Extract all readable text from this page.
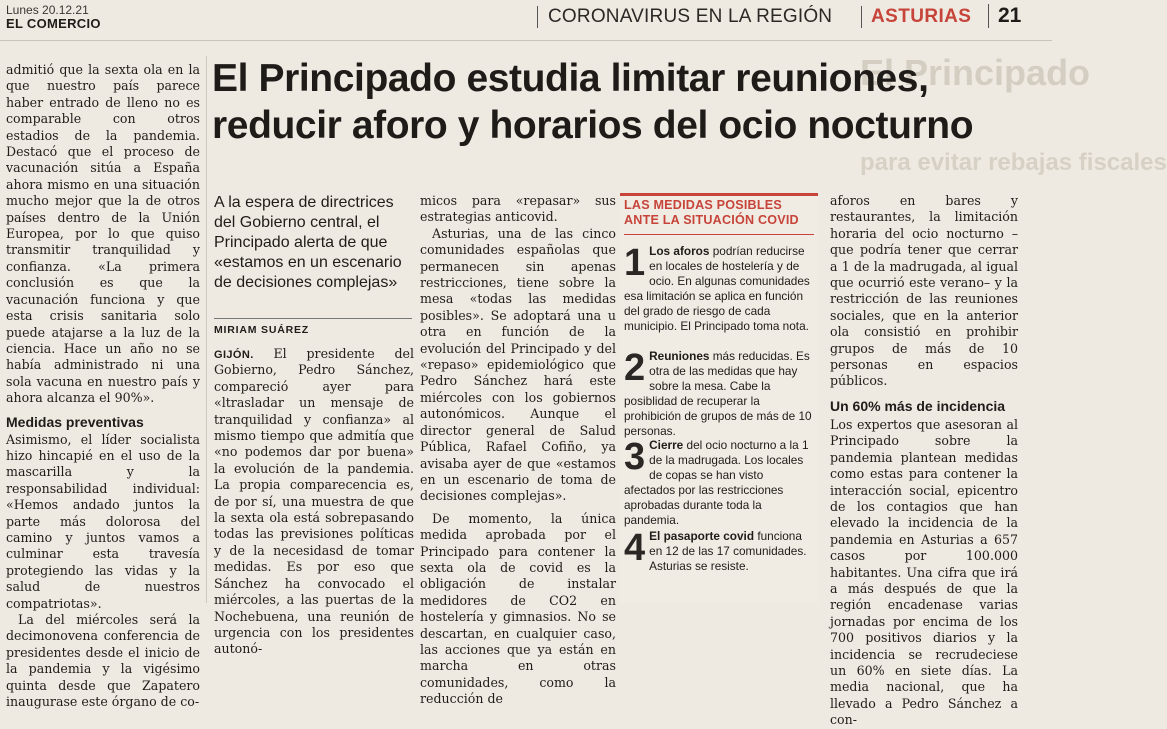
Lunes 20.12.21
EL COMERCIO	CORONAVIRUS EN LA REGIÓN	ASTURIAS	21
El Principado
para evitar rebajas fiscales

admitió que la sexta ola en la que nuestro país parece haber entrado de lleno no es comparable con otros estadios de la pandemia. Destacó que el proceso de vacunación sitúa a España ahora mismo en una situación mucho mejor que la de otros países dentro de la Unión Europea, por lo que quiso transmitir tranquilidad y confianza. «La primera conclusión es que la vacunación funciona y que esta crisis sanitaria solo puede atajarse a la luz de la ciencia. Hace un año no se había administrado ni una sola vacuna en nuestro país y ahora alcanza el 90%».

Medidas preventivas

Asimismo, el líder socialista hizo hincapié en el uso de la mascarilla y la responsabilidad individual: «Hemos andado juntos la parte más dolorosa del camino y juntos vamos a culminar esta travesía protegiendo las vidas y la salud de nuestros compatriotas».

La del miércoles será la decimonovena conferencia de presidentes desde el inicio de la pandemia y la vigésimo quinta desde que Zapatero inaugurase este órgano de co-

El Principado estudia limitar reuniones, reducir aforo y horarios del ocio nocturno
A la espera de directrices del Gobierno central, el Principado alerta de que «estamos en un escenario de decisiones complejas»
MIRIAM SUÁREZ

GIJÓN. El presidente del Gobierno, Pedro Sánchez, compareció ayer para «ltrasladar un mensaje de tranquilidad y confianza» al mismo tiempo que admitía que «no podemos dar por buena» la evolución de la pandemia. La propia comparecencia es, de por sí, una muestra de que la sexta ola está sobrepasando todas las previsiones políticas y de la necesidasd de tomar medidas. Es por eso que Sánchez ha convocado el miércoles, a las puertas de la Nochebuena, una reunión de urgencia con los presidentes autonó-

micos para «repasar» sus estrategias anticovid.

Asturias, una de las cinco comunidades españolas que permanecen sin apenas restricciones, tiene sobre la mesa «todas las medidas posibles». Se adoptará una u otra en función de la evolución del Principado y del «repaso» epidemiológico que Pedro Sánchez hará este miércoles con los gobiernos autonómicos. Aunque el director general de Salud Pública, Rafael Cofiño, ya avisaba ayer de que «estamos en un escenario de toma de decisiones complejas».

De momento, la única medida aprobada por el Principado para contener la sexta ola de covid es la obligación de instalar medidores de CO2 en hostelería y gimnasios. No se descartan, en cualquier caso, las acciones que ya están en marcha en otras comunidades, como la reducción de

LAS MEDIDAS POSIBLES
ANTE LA SITUACIÓN COVID
1 Los aforos podrían reducirse en locales de hostelería y de ocio. En algunas comunidades esa limitación se aplica en función del grado de riesgo de cada municipio. El Principado toma nota.
2 Reuniones más reducidas. Es otra de las medidas que hay sobre la mesa. Cabe la posiblidad de recuperar la prohibición de grupos de más de 10 personas.
3 Cierre del ocio nocturno a la 1 de la madrugada. Los locales de copas se han visto afectados por las restricciones aprobadas durante toda la pandemia.
4 El pasaporte covid funciona en 12 de las 17 comunidades. Asturias se resiste.

aforos en bares y restaurantes, la limitación horaria del ocio nocturno –que podría tener que cerrar a 1 de la madrugada, al igual que ocurrió este verano– y la restricción de las reuniones sociales, que en la anterior ola consistió en prohibir grupos de más de 10 personas en espacios públicos.

Un 60% más de incidencia

Los expertos que asesoran al Principado sobre la pandemia plantean medidas como estas para contener la interacción social, epicentro de los contagios que han elevado la incidencia de la pandemia en Asturias a 657 casos por 100.000 habitantes. Una cifra que irá a más después de que la región encadenase varias jornadas por encima de los 700 positivos diarios y la incidencia se recrudeciese un 60% en siete días. La media nacional, que ha llevado a Pedro Sánchez a con-
